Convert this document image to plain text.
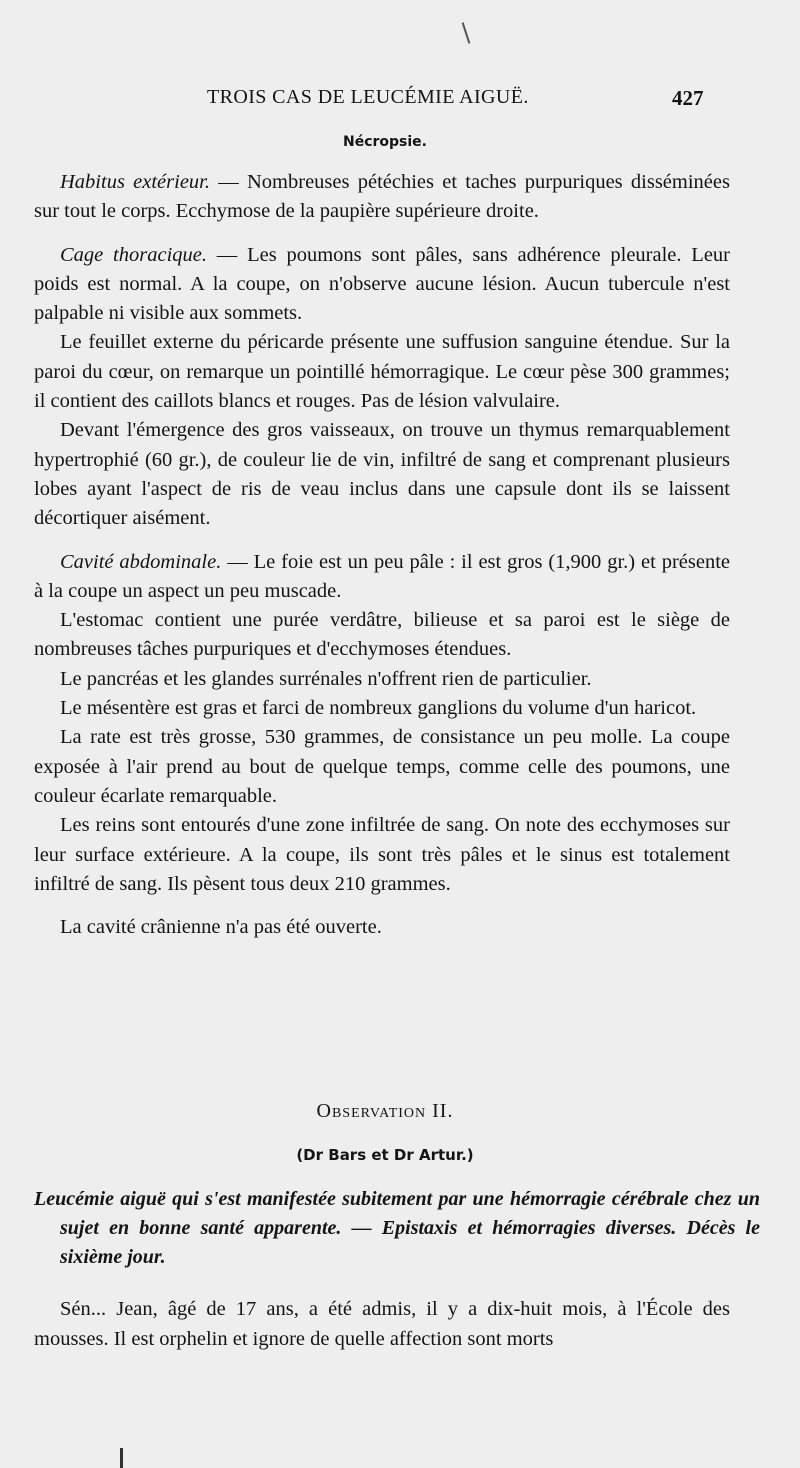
TROIS CAS DE LEUCÉMIE AIGUË.	427
Nécropsie.

Habitus extérieur. — Nombreuses pétéchies et taches purpuriques disséminées sur tout le corps. Ecchymose de la paupière supérieure droite.

Cage thoracique. — Les poumons sont pâles, sans adhérence pleurale. Leur poids est normal. A la coupe, on n'observe aucune lésion. Aucun tubercule n'est palpable ni visible aux sommets.

Le feuillet externe du péricarde présente une suffusion sanguine étendue. Sur la paroi du cœur, on remarque un pointillé hémorragique. Le cœur pèse 300 grammes; il contient des caillots blancs et rouges. Pas de lésion valvulaire.

Devant l'émergence des gros vaisseaux, on trouve un thymus remarquablement hypertrophié (60 gr.), de couleur lie de vin, infiltré de sang et comprenant plusieurs lobes ayant l'aspect de ris de veau inclus dans une capsule dont ils se laissent décortiquer aisément.

Cavité abdominale. — Le foie est un peu pâle : il est gros (1,900 gr.) et présente à la coupe un aspect un peu muscade.

L'estomac contient une purée verdâtre, bilieuse et sa paroi est le siège de nombreuses tâches purpuriques et d'ecchymoses étendues.

Le pancréas et les glandes surrénales n'offrent rien de particulier.

Le mésentère est gras et farci de nombreux ganglions du volume d'un haricot.

La rate est très grosse, 530 grammes, de consistance un peu molle. La coupe exposée à l'air prend au bout de quelque temps, comme celle des poumons, une couleur écarlate remarquable.

Les reins sont entourés d'une zone infiltrée de sang. On note des ecchymoses sur leur surface extérieure. A la coupe, ils sont très pâles et le sinus est totalement infiltré de sang. Ils pèsent tous deux 210 grammes.

La cavité crânienne n'a pas été ouverte.

Observation II.
(Dr Bars et Dr Artur.)
Leucémie aiguë qui s'est manifestée subitement par une hémorragie cérébrale chez un sujet en bonne santé apparente. — Epistaxis et hémorragies diverses. Décès le sixième jour.
Sén... Jean, âgé de 17 ans, a été admis, il y a dix-huit mois, à l'École des mousses. Il est orphelin et ignore de quelle affection sont morts
